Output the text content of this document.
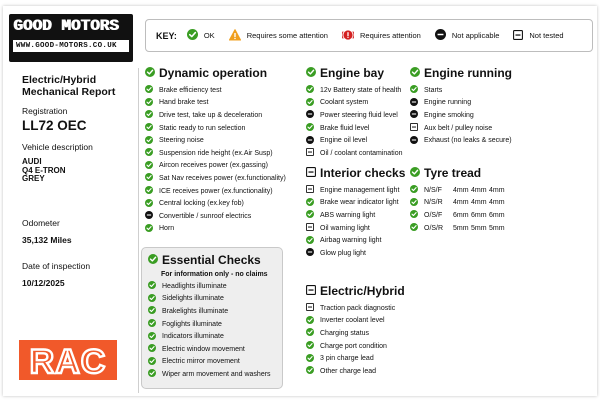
GOOD MOTORS
WWW.GOOD-MOTORS.CO.UK
Electric/Hybrid
Mechanical Report
Registration
LL72 OEC
Vehicle description
AUDI
Q4 E-TRON
GREY
Odometer
35,132 Miles
Date of inspection
10/12/2025
RAC
KEY:	OK	Requires some attention	Requires attention	Not applicable	Not tested
Dynamic operation
Brake efficiency test
Hand brake test
Drive test, take up & deceleration
Static ready to run selection
Steering noise
Suspension ride height (ex.Air Susp)
Aircon receives power (ex.gassing)
Sat Nav receives power (ex.functionality)
ICE receives power (ex.functionality)
Central locking (ex.key fob)
Convertible / sunroof electrics
Horn
Essential Checks
For information only - no claims
Headlights illuminate
Sidelights illuminate
Brakelights illuminate
Foglights illuminate
Indicators illuminate
Electric window movement
Electric mirror movement
Wiper arm movement and washers
Engine bay
12v Battery state of health
Coolant system
Power steering fluid level
Brake fluid level
Engine oil level
Oil / coolant contamination
Interior checks
Engine management light
Brake wear indicator light
ABS warning light
Oil warning light
Airbag warning light
Glow plug light
Electric/Hybrid
Traction pack diagnostic
Inverter coolant level
Charging status
Charge port condition
3 pin charge lead
Other charge lead
Engine running
Starts
Engine running
Engine smoking
Aux belt / pulley noise
Exhaust (no leaks & secure)
Tyre tread
N/S/F	4mm 4mm 4mm
N/S/R	4mm 4mm 4mm
O/S/F	6mm 6mm 6mm
O/S/R	5mm 5mm 5mm
